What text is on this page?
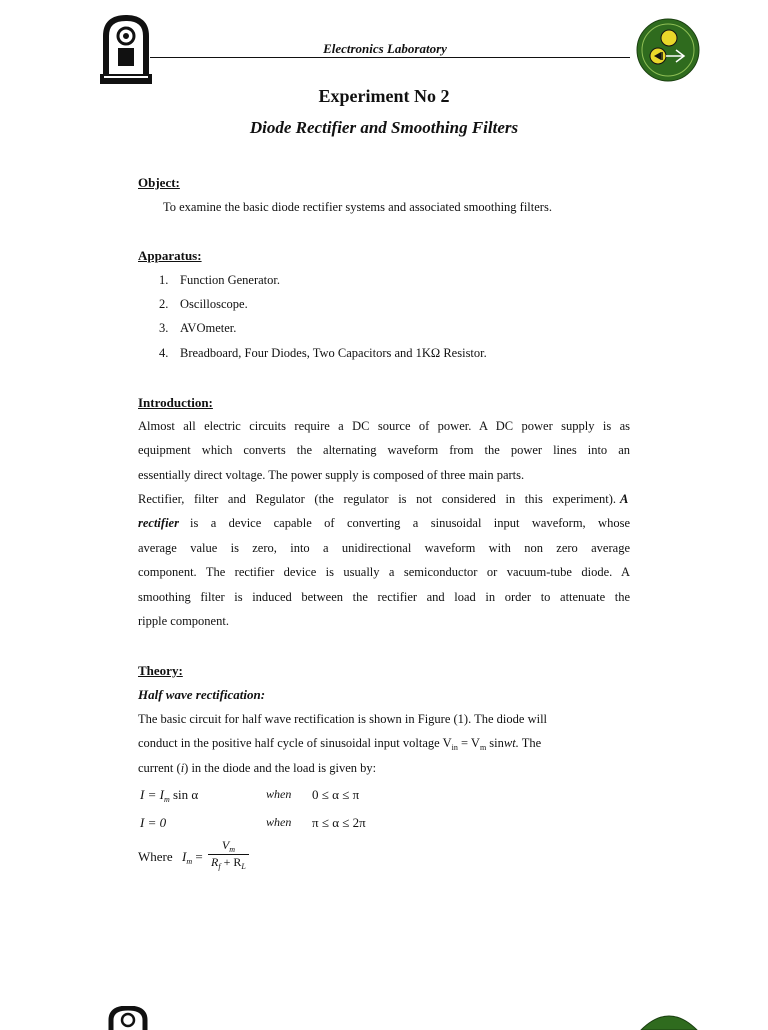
Electronics Laboratory
Experiment No 2
Diode Rectifier and Smoothing Filters
Object:
To examine the basic diode rectifier systems and associated smoothing filters.
Apparatus:
1. Function Generator.
2. Oscilloscope.
3. AVOmeter.
4. Breadboard, Four Diodes, Two Capacitors and 1KΩ Resistor.
Introduction:
Almost all electric circuits require a DC source of power. A DC power supply is as
equipment which converts the alternating waveform from the power lines into an
essentially direct voltage. The power supply is composed of three main parts.
Rectifier, filter and Regulator (the regulator is not considered in this experiment). A
rectifier is a device capable of converting a sinusoidal input waveform, whose
average value is zero, into a unidirectional waveform with non zero average
component. The rectifier device is usually a semiconductor or vacuum-tube diode. A
smoothing filter is induced between the rectifier and load in order to attenuate the
ripple component.
Theory:
Half wave rectification:
The basic circuit for half wave rectification is shown in Figure (1). The diode will
conduct in the positive half cycle of sinusoidal input voltage $V_{in} = V_m$ sinwt. The
current (i) in the diode and the load is given by:
$I = I_m$ sin α	when 0 ≤ α ≤ π
I = 0	when π ≤ α ≤ 2π
Where $I_m = \frac{V_m}{R_f + R_L}$
